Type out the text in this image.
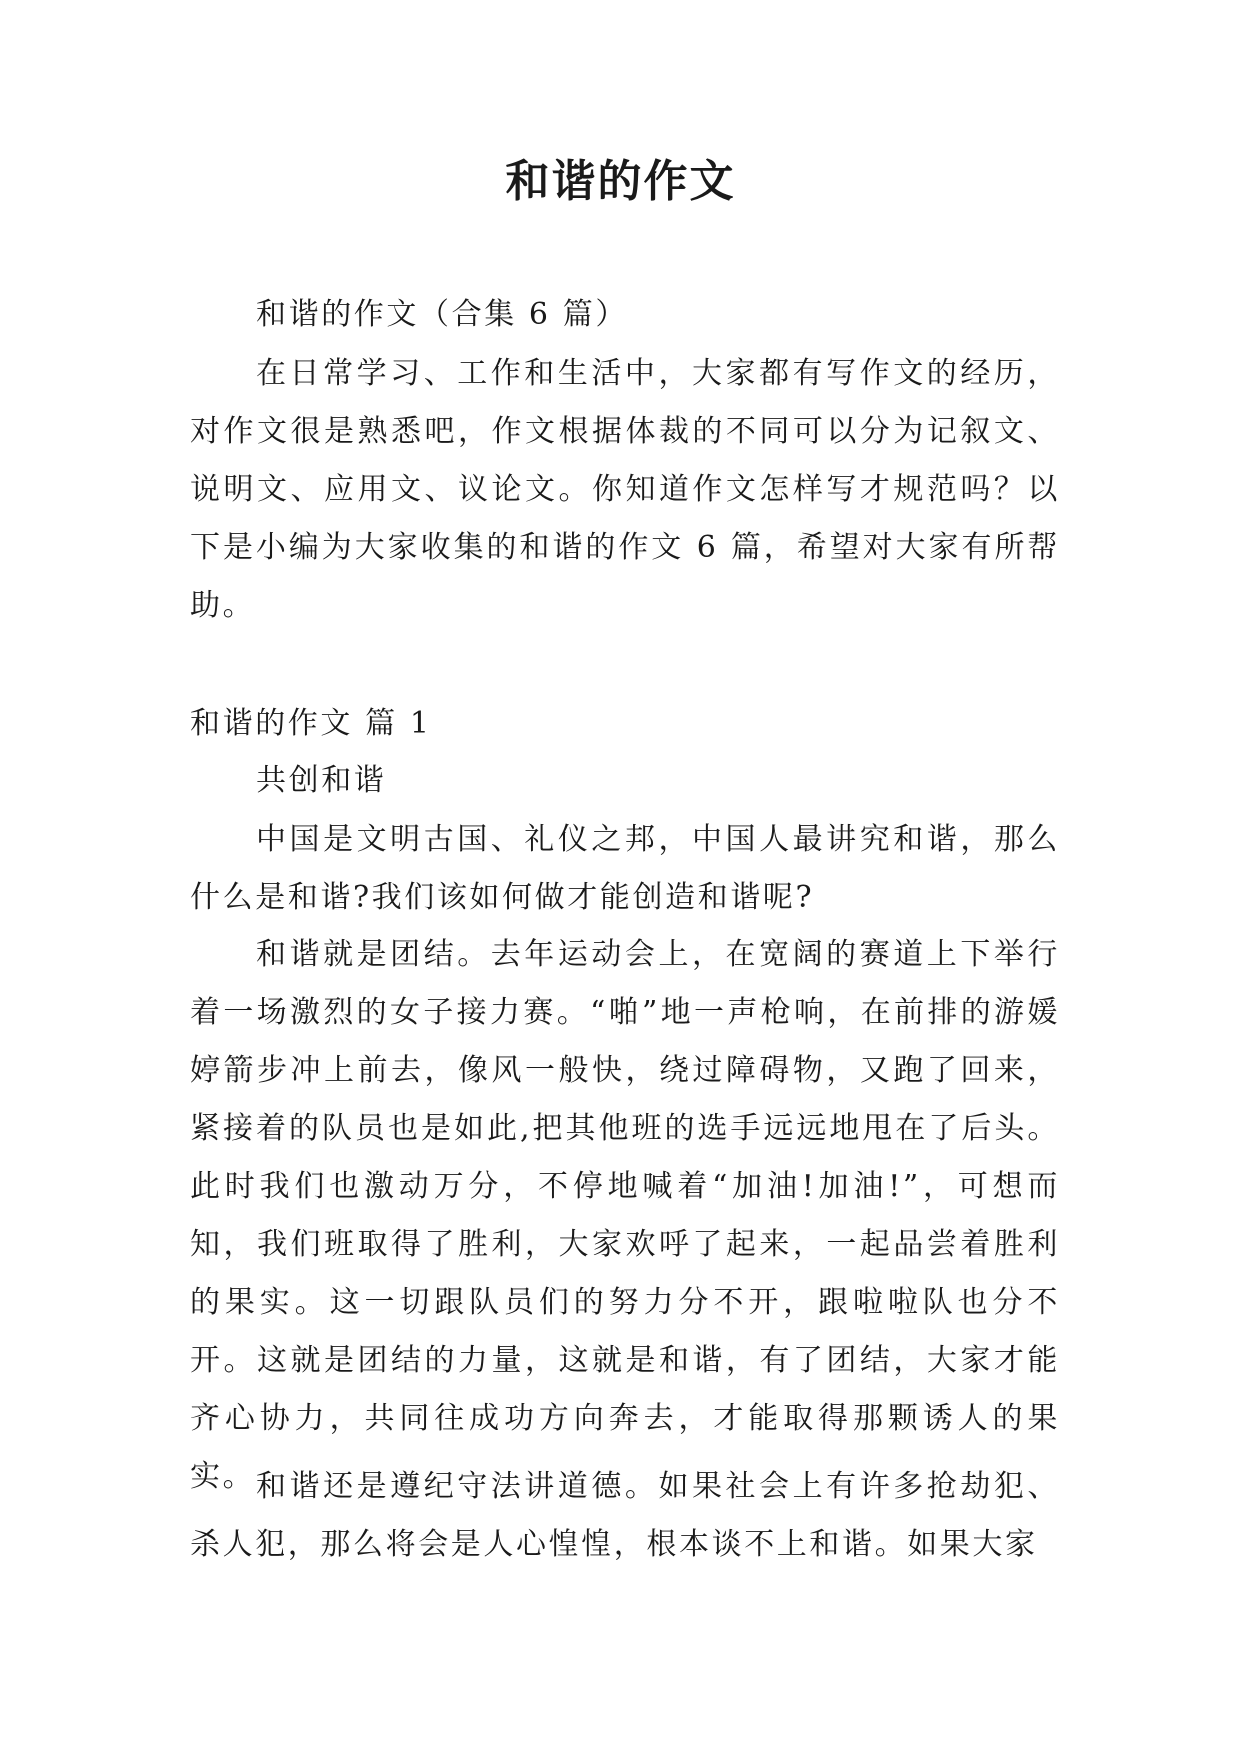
和谐的作文

和谐的作文（合集 6 篇）

在日常学习、工作和生活中，大家都有写作文的经历，对作文很是熟悉吧，作文根据体裁的不同可以分为记叙文、说明文、应用文、议论文。你知道作文怎样写才规范吗？以下是小编为大家收集的和谐的作文 6 篇，希望对大家有所帮助。

和谐的作文 篇 1

共创和谐

中国是文明古国、礼仪之邦，中国人最讲究和谐，那么什么是和谐?我们该如何做才能创造和谐呢?

和谐就是团结。去年运动会上，在宽阔的赛道上下举行着一场激烈的女子接力赛。“啪”地一声枪响，在前排的游媛婷箭步冲上前去，像风一般快，绕过障碍物，又跑了回来，紧接着的队员也是如此,把其他班的选手远远地甩在了后头。此时我们也激动万分，不停地喊着“加油!加油!”，可想而知，我们班取得了胜利，大家欢呼了起来，一起品尝着胜利的果实。这一切跟队员们的努力分不开，跟啦啦队也分不开。这就是团结的力量，这就是和谐，有了团结，大家才能齐心协力，共同往成功方向奔去，才能取得那颗诱人的果实。 和谐还是遵纪守法讲道德。如果社会上有许多抢劫犯、杀人犯，那么将会是人心惶惶，根本谈不上和谐。如果大家
